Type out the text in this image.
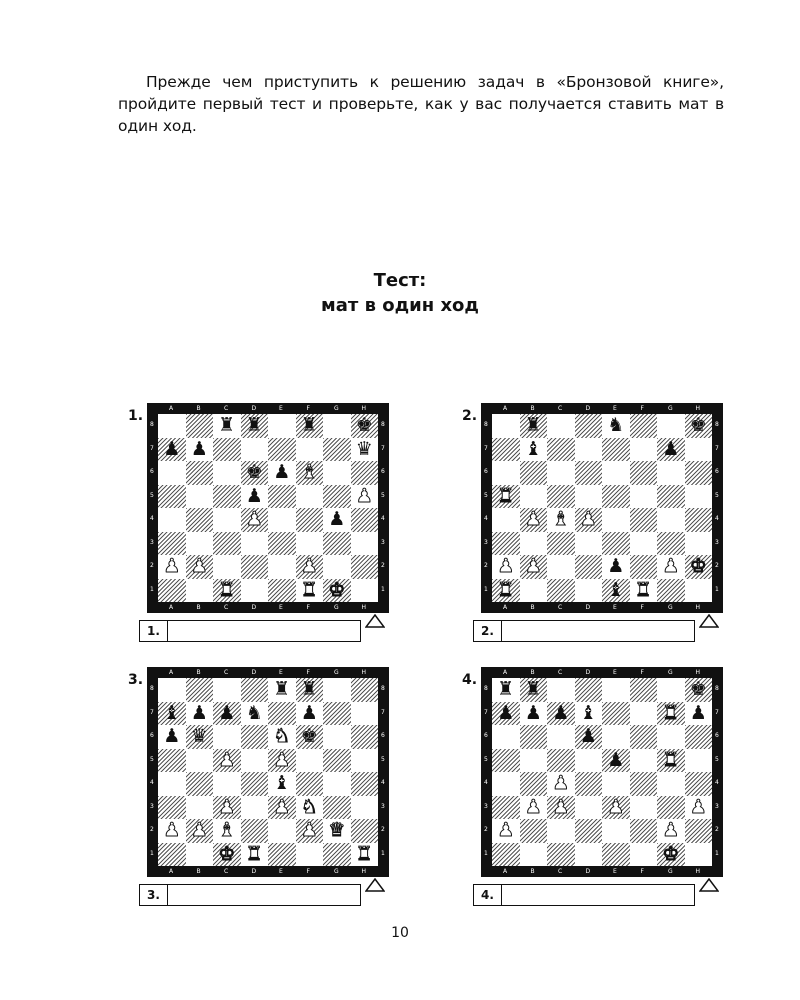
Прежде чем приступить к решению задач в «Бронзовой книге», пройдите первый тест и проверьте, как у вас получается ставить мат в один ход.

Тест:
мат в один ход
1.	♜ ♜ ♜ ♚
♟ ♟	♛
♚ ♟ ♝
♟	♟
♟	♟
♟ ♟	♟
♜	♜ ♚
A
A
B
B
C
C
D
D
E
E
F
F
G
G
H
H
8	8
7	7
6	6
5	5
4	4
3	3
2	2
1	1
1.
2.	♜	♞	♚
♝	♟
♜
♟ ♝ ♟
♟ ♟	♟ ♟ ♚
♜	♝ ♜
A
A
B
B
C
C
D
D
E
E
F
F
G
G
H
H
8	8
7	7
6	6
5	5
4	4
3	3
2	2
1	1
2.
3.	♜ ♜
♝ ♟ ♟ ♞ ♟
♟ ♛	♞ ♚
♟ ♟
♝
♟ ♟ ♞
♟ ♟ ♝	♟ ♛
♚ ♜	♜
A
A
B
B
C
C
D
D
E
E
F
F
G
G
H
H
8	8
7	7
6	6
5	5
4	4
3	3
2	2
1	1
3.
4. ♜ ♜	♚
♟ ♟ ♟ ♝	♜ ♟
♟
♟ ♜
♟
♟ ♟ ♟	♟
♟	♟
♚
A
A
B
B
C
C
D
D
E
E
F
F
G
G
H
H
8	8
7	7
6	6
5	5
4	4
3	3
2	2
1	1
4.
10
